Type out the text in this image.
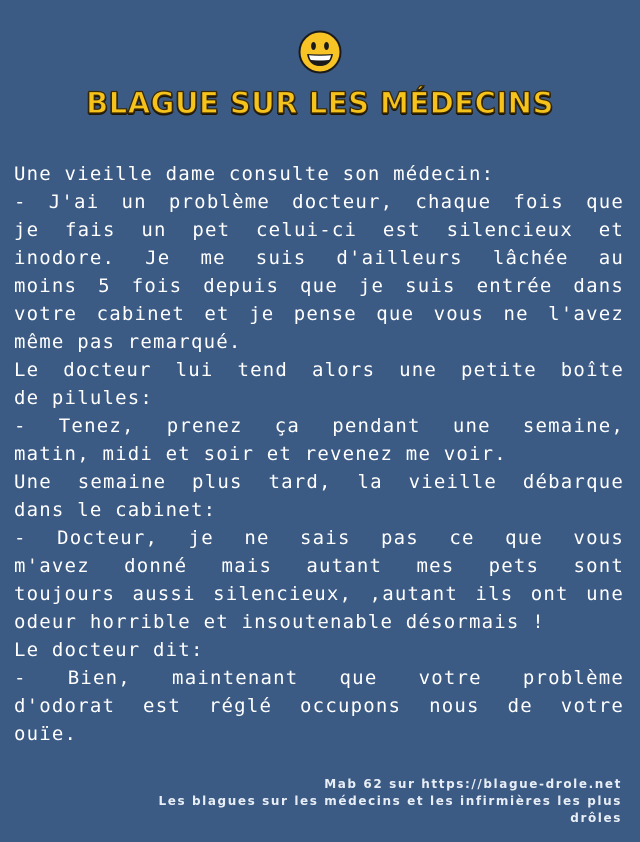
BLAGUE SUR LES MÉDECINS
Une vieille dame consulte son médecin:
- J'ai un problème docteur, chaque fois que
je fais un pet celui-ci est silencieux et
inodore. Je me suis d'ailleurs lâchée au
moins 5 fois depuis que je suis entrée dans
votre cabinet et je pense que vous ne l'avez
même pas remarqué.
Le docteur lui tend alors une petite boîte
de pilules:
- Tenez, prenez ça pendant une semaine,
matin, midi et soir et revenez me voir.
Une semaine plus tard, la vieille débarque
dans le cabinet:
- Docteur, je ne sais pas ce que vous
m'avez donné mais autant mes pets sont
toujours aussi silencieux, ,autant ils ont une
odeur horrible et insoutenable désormais !
Le docteur dit:
- Bien, maintenant que votre problème
d'odorat est réglé occupons nous de votre
ouïe.
Mab 62 sur https://blague-drole.net
Les blagues sur les médecins et les infirmières les plus
drôles
